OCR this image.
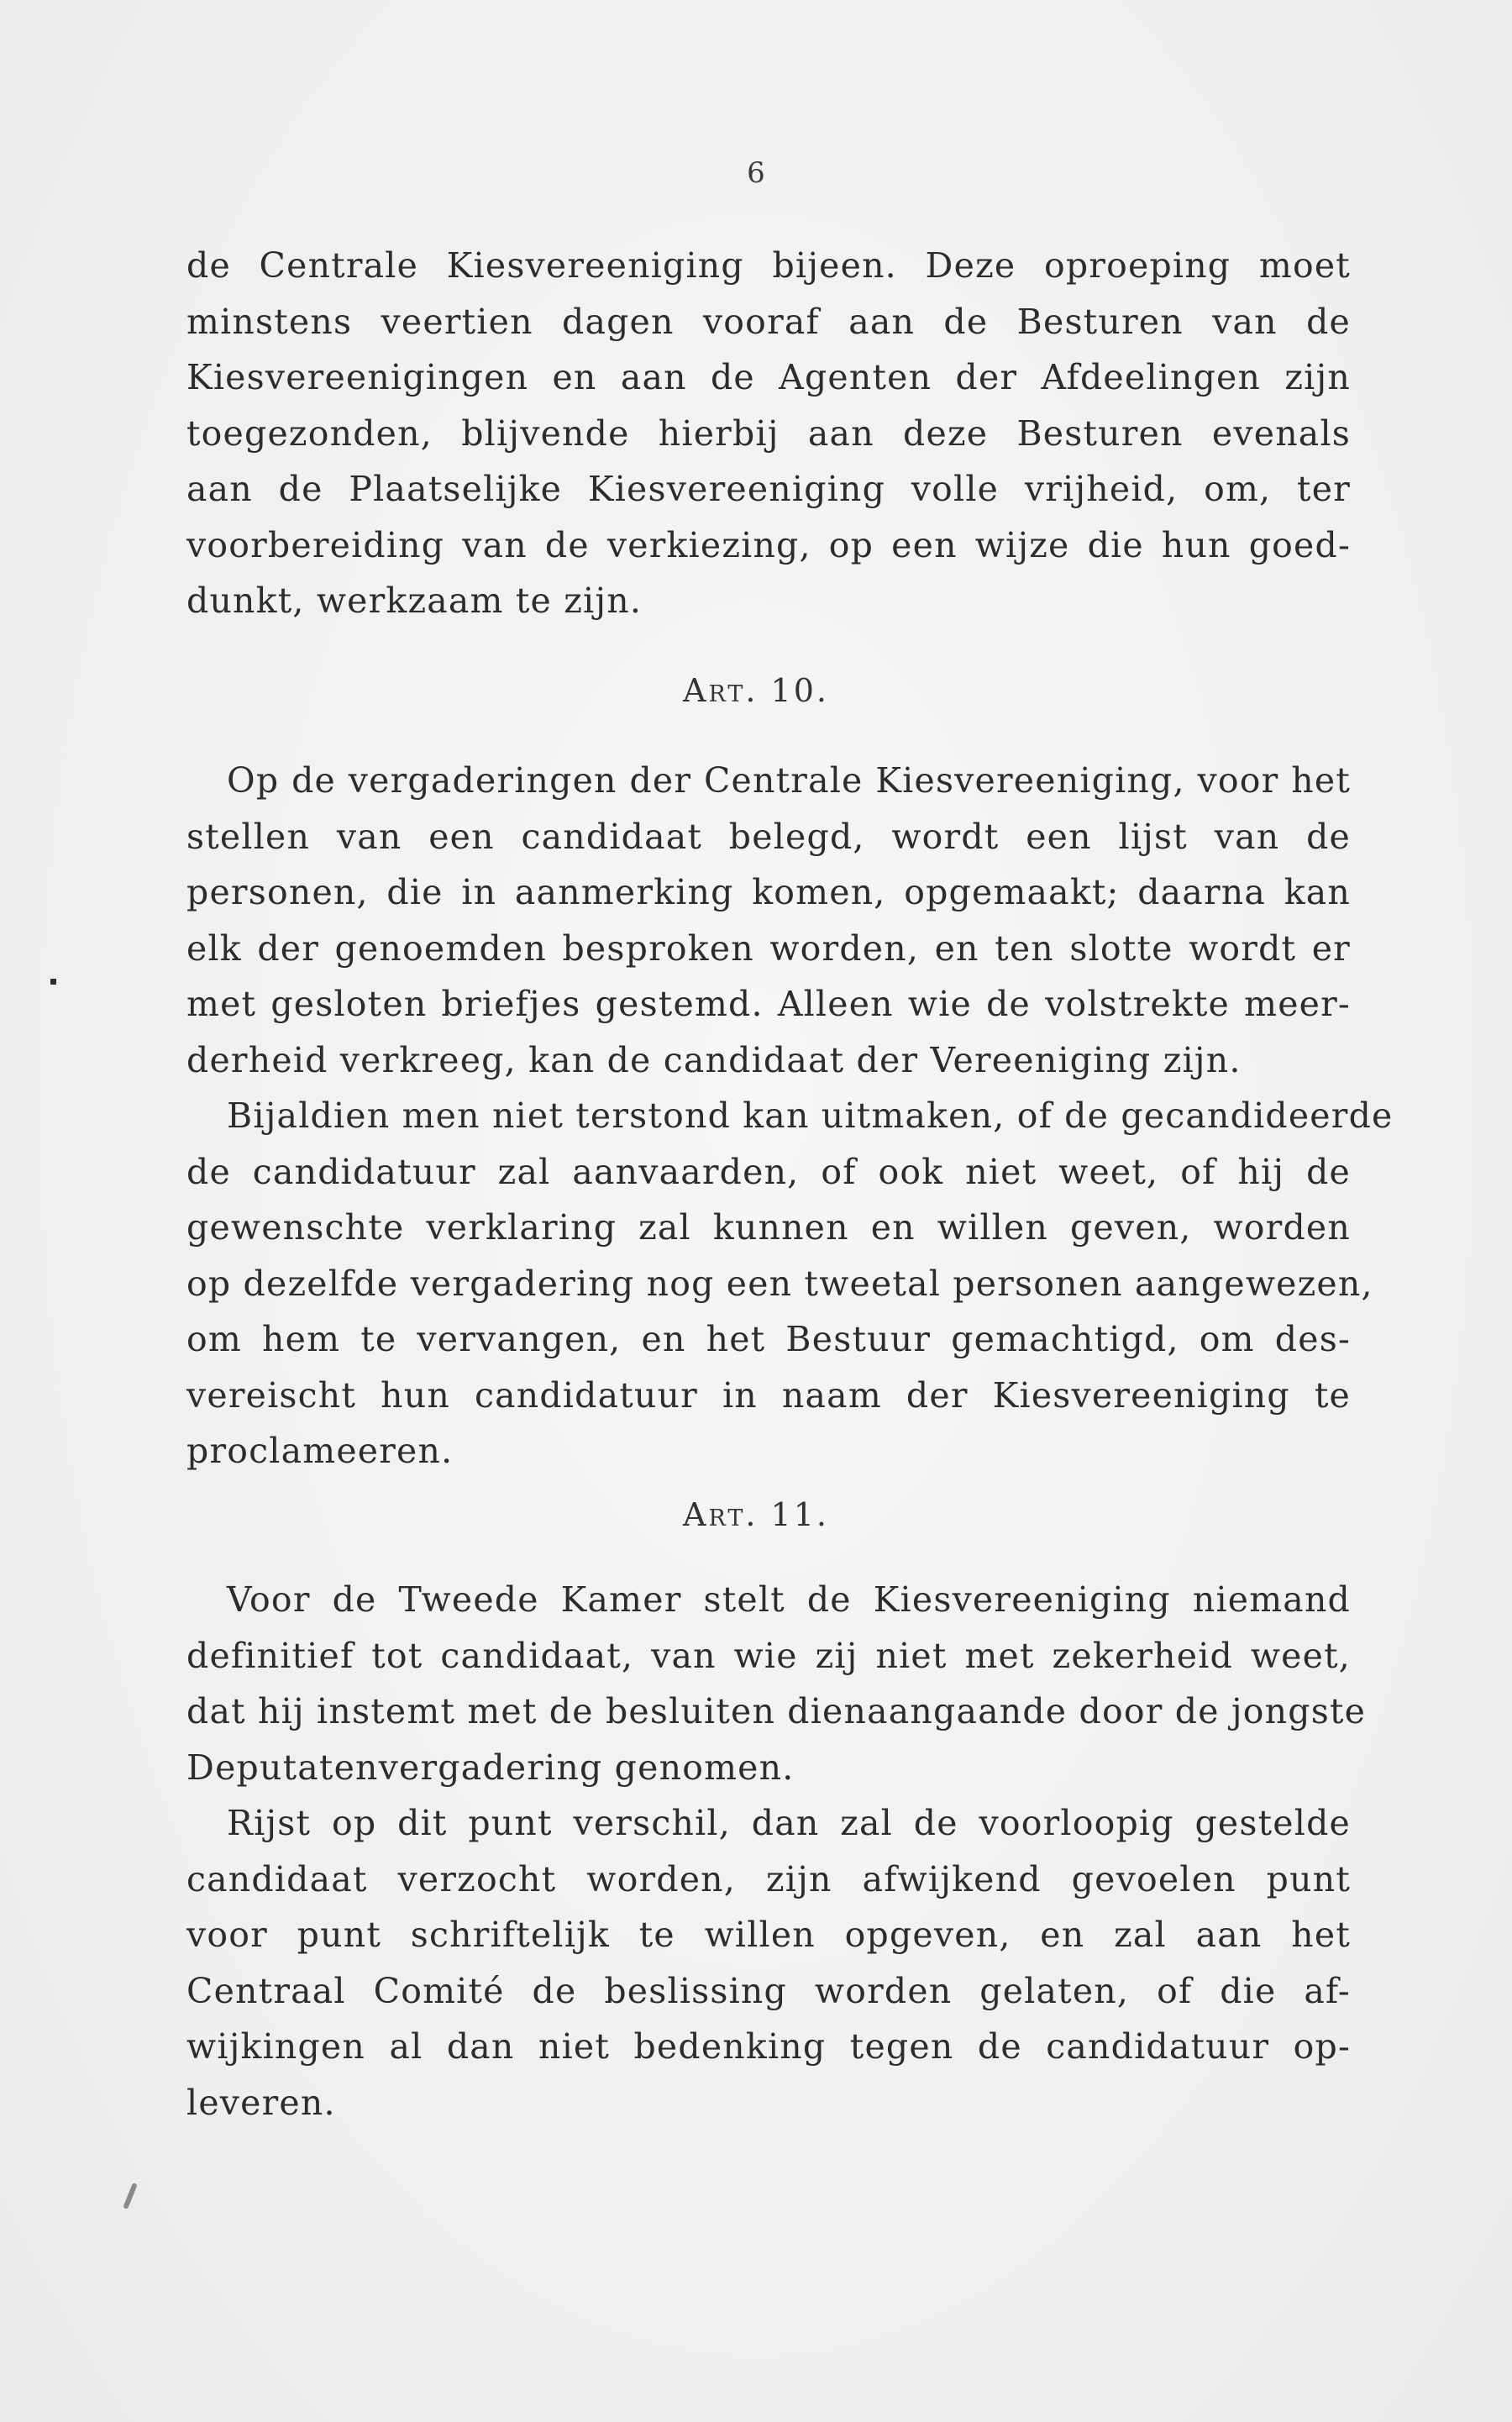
6
de Centrale Kiesvereeniging bijeen. Deze oproeping moet
minstens veertien dagen vooraf aan de Besturen van de
Kiesvereenigingen en aan de Agenten der Afdeelingen zijn
toegezonden, blijvende hierbij aan deze Besturen evenals
aan de Plaatselijke Kiesvereeniging volle vrijheid, om, ter
voorbereiding van de verkiezing, op een wijze die hun goed-
dunkt, werkzaam te zijn.
Art. 10.
Op de vergaderingen der Centrale Kiesvereeniging, voor het
stellen van een candidaat belegd, wordt een lijst van de
personen, die in aanmerking komen, opgemaakt; daarna kan
elk der genoemden besproken worden, en ten slotte wordt er
met gesloten briefjes gestemd. Alleen wie de volstrekte meer-
derheid verkreeg, kan de candidaat der Vereeniging zijn.
Bijaldien men niet terstond kan uitmaken, of de gecandideerde
de candidatuur zal aanvaarden, of ook niet weet, of hij de
gewenschte verklaring zal kunnen en willen geven, worden
op dezelfde vergadering nog een tweetal personen aangewezen,
om hem te vervangen, en het Bestuur gemachtigd, om des-
vereischt hun candidatuur in naam der Kiesvereeniging te
proclameeren.
Art. 11.
Voor de Tweede Kamer stelt de Kiesvereeniging niemand
definitief tot candidaat, van wie zij niet met zekerheid weet,
dat hij instemt met de besluiten dienaangaande door de jongste
Deputatenvergadering genomen.
Rijst op dit punt verschil, dan zal de voorloopig gestelde
candidaat verzocht worden, zijn afwijkend gevoelen punt
voor punt schriftelijk te willen opgeven, en zal aan het
Centraal Comité de beslissing worden gelaten, of die af-
wijkingen al dan niet bedenking tegen de candidatuur op-
leveren.
